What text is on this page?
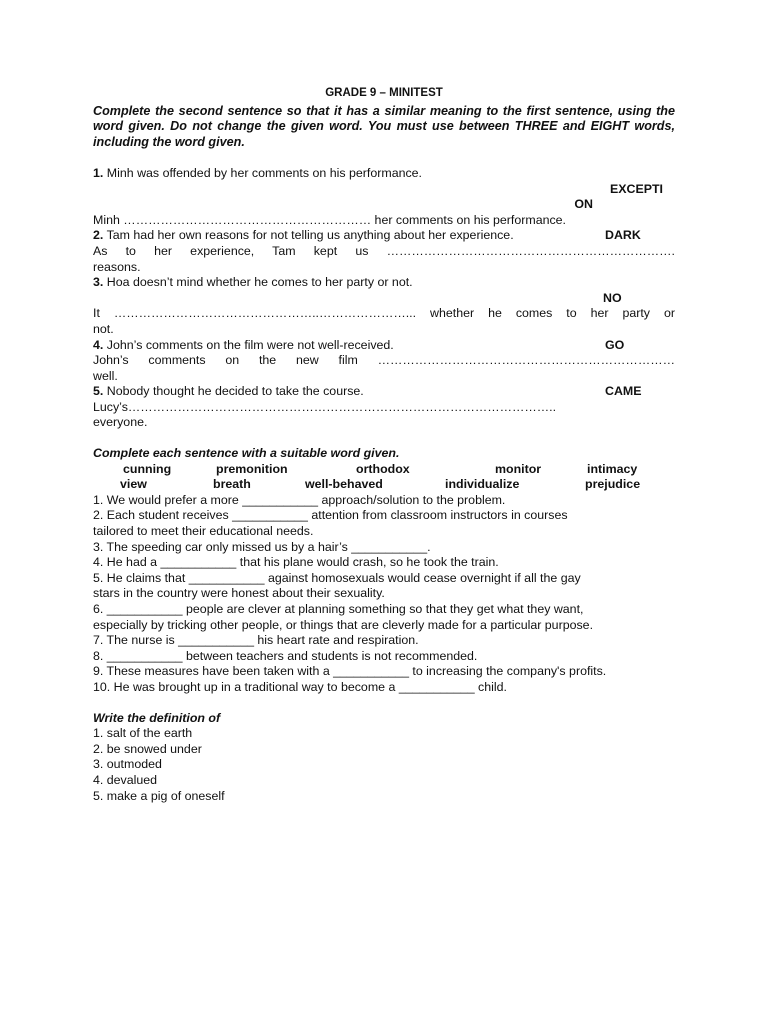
GRADE 9 – MINITEST
Complete the second sentence so that it has a similar meaning to the first sentence, using the word given. Do not change the given word. You must use between THREE and EIGHT words, including the word given.
1. Minh was offended by her comments on his performance.
EXCEPTI
ON
Minh …………………………………………………… her comments on his performance.
2. Tam had her own reasons for not telling us anything about her experience.	DARK
As to her experience, Tam kept us …………………………………………………………….
reasons.
3. Hoa doesn’t mind whether he comes to her party or not.
NO
It …………………………………………..…………………... whether he comes to her party or
not.
4. John’s comments on the film were not well-received.	GO
John’s comments on the new film ………………………………………………………………
well.
5. Nobody thought he decided to take the course.	CAME
Lucy’s…………………………………………………………………………………………..
everyone.
Complete each sentence with a suitable word given.
cunning	premonition	orthodox	monitor	intimacy
view	breath	well-behaved	individualize	prejudice
1. We would prefer a more ___________ approach/solution to the problem.
2. Each student receives ___________ attention from classroom instructors in courses
tailored to meet their educational needs.
3. The speeding car only missed us by a hair’s ___________.
4. He had a ___________ that his plane would crash, so he took the train.
5. He claims that ___________ against homosexuals would cease overnight if all the gay
stars in the country were honest about their sexuality.
6. ___________ people are clever at planning something so that they get what they want,
especially by tricking other people, or things that are cleverly made for a particular purpose.
7. The nurse is ___________ his heart rate and respiration.
8. ___________ between teachers and students is not recommended.
9. These measures have been taken with a ___________ to increasing the company's profits.
10. He was brought up in a traditional way to become a ___________ child.
Write the definition of
1. salt of the earth
2. be snowed under
3. outmoded
4. devalued
5. make a pig of oneself
